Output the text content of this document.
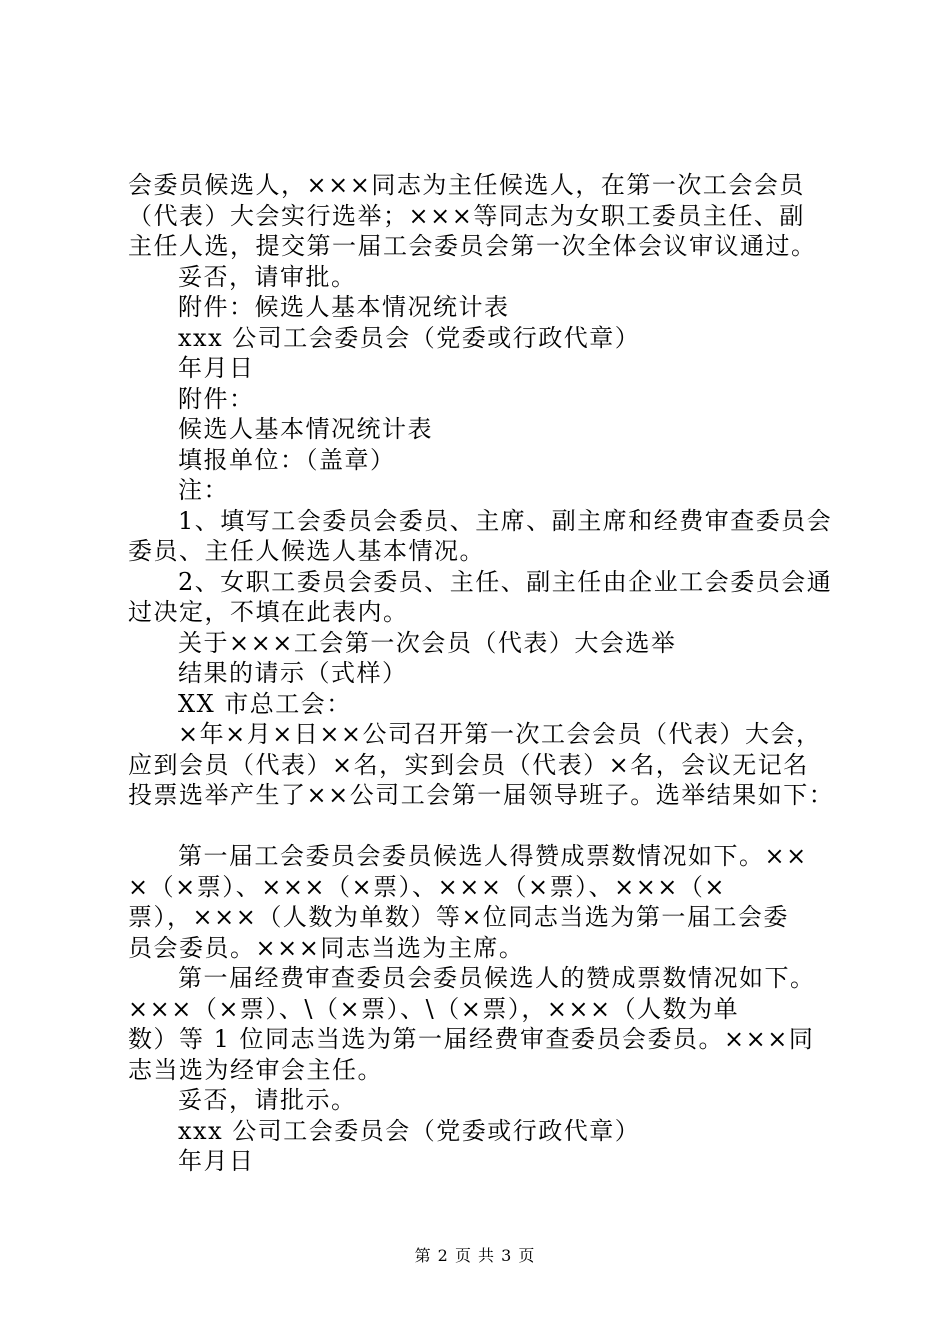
会委员候选人，×××同志为主任候选人，在第一次工会会员
（代表）大会实行选举；×××等同志为女职工委员主任、副
主任人选，提交第一届工会委员会第一次全体会议审议通过。
妥否，请审批。
附件：候选人基本情况统计表
xxx 公司工会委员会（党委或行政代章）
年月日
附件：
候选人基本情况统计表
填报单位：（盖章）
注：
1、填写工会委员会委员、主席、副主席和经费审查委员会
委员、主任人候选人基本情况。
2、女职工委员会委员、主任、副主任由企业工会委员会通
过决定，不填在此表内。
关于×××工会第一次会员（代表）大会选举
结果的请示（式样）
XX 市总工会：
×年×月×日××公司召开第一次工会会员（代表）大会，
应到会员（代表）×名，实到会员（代表）×名，会议无记名
投票选举产生了××公司工会第一届领导班子。选举结果如下：
第一届工会委员会委员候选人得赞成票数情况如下。××
×（×票）、×××（×票）、×××（×票）、×××（×
票），×××（人数为单数）等×位同志当选为第一届工会委
员会委员。×××同志当选为主席。
第一届经费审查委员会委员候选人的赞成票数情况如下。
×××（×票）、\（×票）、\（×票），×××（人数为单
数）等 1 位同志当选为第一届经费审查委员会委员。×××同
志当选为经审会主任。
妥否，请批示。
xxx 公司工会委员会（党委或行政代章）
年月日
第 2 页 共 3 页
